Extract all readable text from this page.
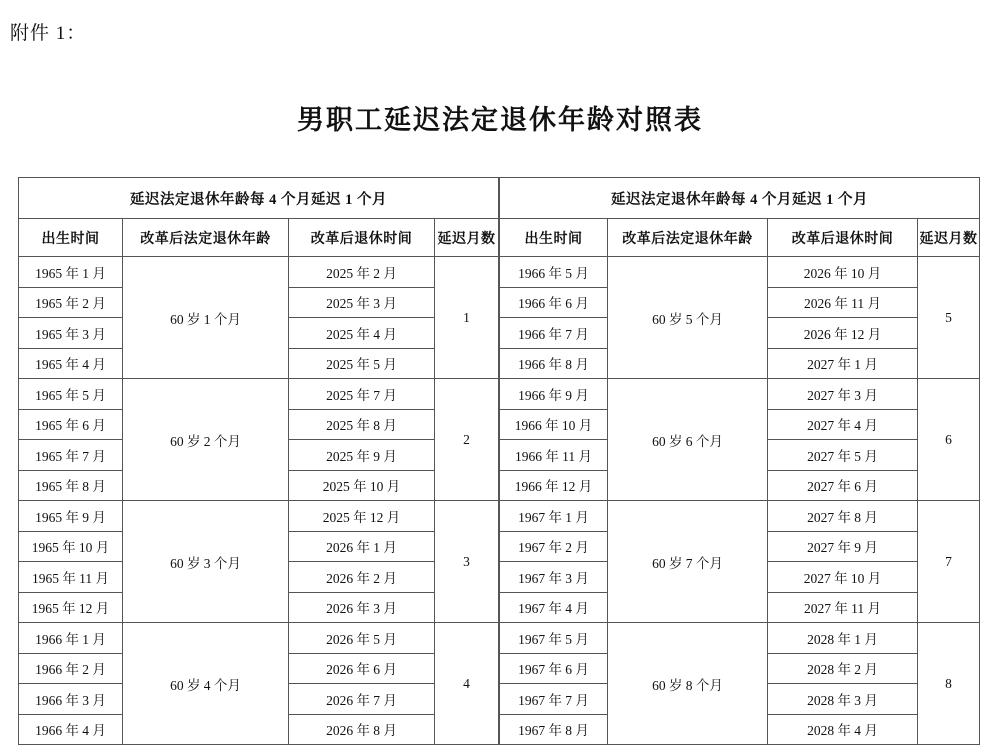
附件 1：
男职工延迟法定退休年龄对照表
延迟法定退休年龄每 4 个月延迟 1 个月			
出生时间	改革后法定退休年龄	改革后退休时间	延迟月数
1965 年 1 月	60 岁 1 个月	2025 年 2 月	1
1965 年 2 月		2025 年 3 月	
1965 年 3 月		2025 年 4 月	
1965 年 4 月		2025 年 5 月	
1965 年 5 月	60 岁 2 个月	2025 年 7 月	2
1965 年 6 月		2025 年 8 月	
1965 年 7 月		2025 年 9 月	
1965 年 8 月		2025 年 10 月	
1965 年 9 月	60 岁 3 个月	2025 年 12 月	3
1965 年 10 月		2026 年 1 月	
1965 年 11 月		2026 年 2 月	
1965 年 12 月		2026 年 3 月	
1966 年 1 月	60 岁 4 个月	2026 年 5 月	4
1966 年 2 月		2026 年 6 月	
1966 年 3 月		2026 年 7 月	
1966 年 4 月		2026 年 8 月	
延迟法定退休年龄每 4 个月延迟 1 个月			
出生时间	改革后法定退休年龄	改革后退休时间	延迟月数
1966 年 5 月	60 岁 5 个月	2026 年 10 月	5
1966 年 6 月		2026 年 11 月	
1966 年 7 月		2026 年 12 月	
1966 年 8 月		2027 年 1 月	
1966 年 9 月	60 岁 6 个月	2027 年 3 月	6
1966 年 10 月		2027 年 4 月	
1966 年 11 月		2027 年 5 月	
1966 年 12 月		2027 年 6 月	
1967 年 1 月	60 岁 7 个月	2027 年 8 月	7
1967 年 2 月		2027 年 9 月	
1967 年 3 月		2027 年 10 月	
1967 年 4 月		2027 年 11 月	
1967 年 5 月	60 岁 8 个月	2028 年 1 月	8
1967 年 6 月		2028 年 2 月	
1967 年 7 月		2028 年 3 月	
1967 年 8 月		2028 年 4 月	
